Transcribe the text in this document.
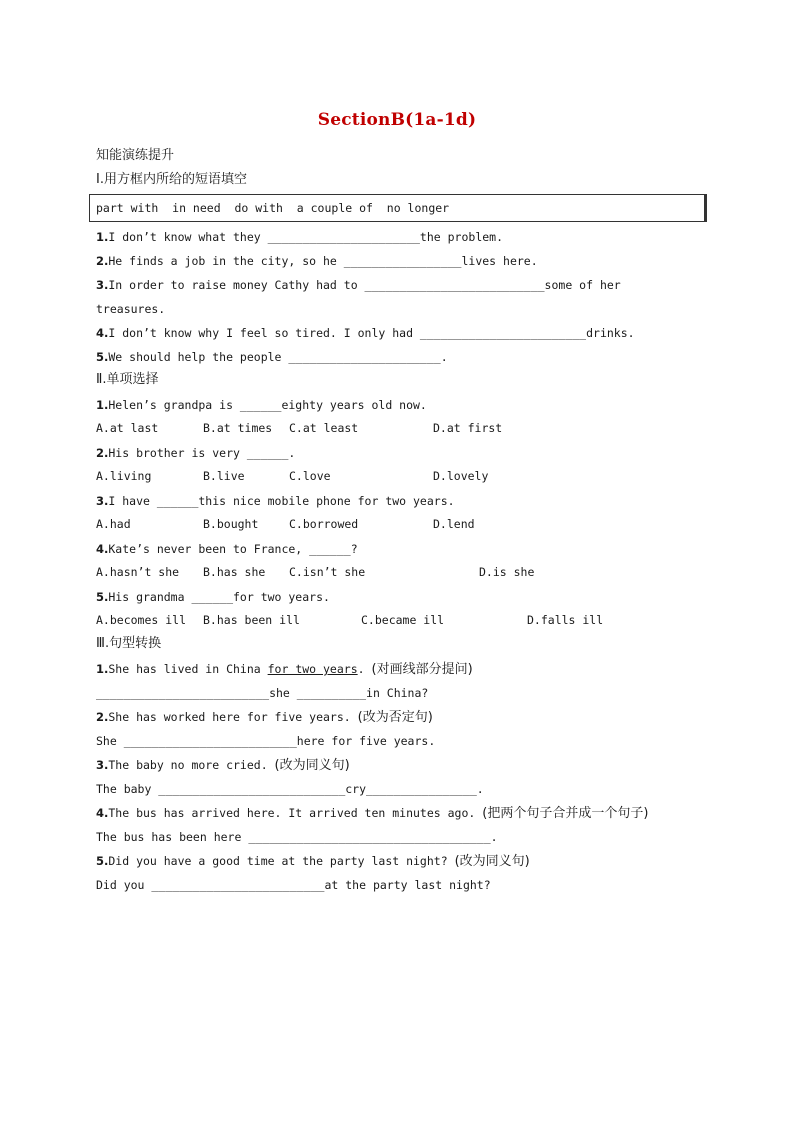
SectionB(1a-1d)
知能演练提升
Ⅰ.用方框内所给的短语填空
part with  in need  do with  a couple of  no longer
1.I don’t know what they ______________________the problem.
2.He finds a job in the city, so he _________________lives here.
3.In order to raise money Cathy had to __________________________some of her
treasures.
4.I don’t know why I feel so tired. I only had ________________________drinks.
5.We should help the people ______________________.
Ⅱ.单项选择
1.Helen’s grandpa is ______eighty years old now.
A.at last	B.at times C.at least	D.at first
2.His brother is very ______.
A.living	B.live	C.love	D.lovely
3.I have ______this nice mobile phone for two years.
A.had	B.bought	C.borrowed	D.lend
4.Kate’s never been to France, ______?
A.hasn’t she B.has she C.isn’t she	D.is she
5.His grandma ______for two years.
A.becomes ill B.has been ill	C.became ill	D.falls ill
Ⅲ.句型转换
1.She has lived in China for two years. (对画线部分提问)
_________________________she __________in China?
2.She has worked here for five years. (改为否定句)
She _________________________here for five years.
3.The baby no more cried. (改为同义句)
The baby ___________________________cry________________.
4.The bus has arrived here. It arrived ten minutes ago. (把两个句子合并成一个句子)
The bus has been here ___________________________________.
5.Did you have a good time at the party last night? (改为同义句)
Did you _________________________at the party last night?
